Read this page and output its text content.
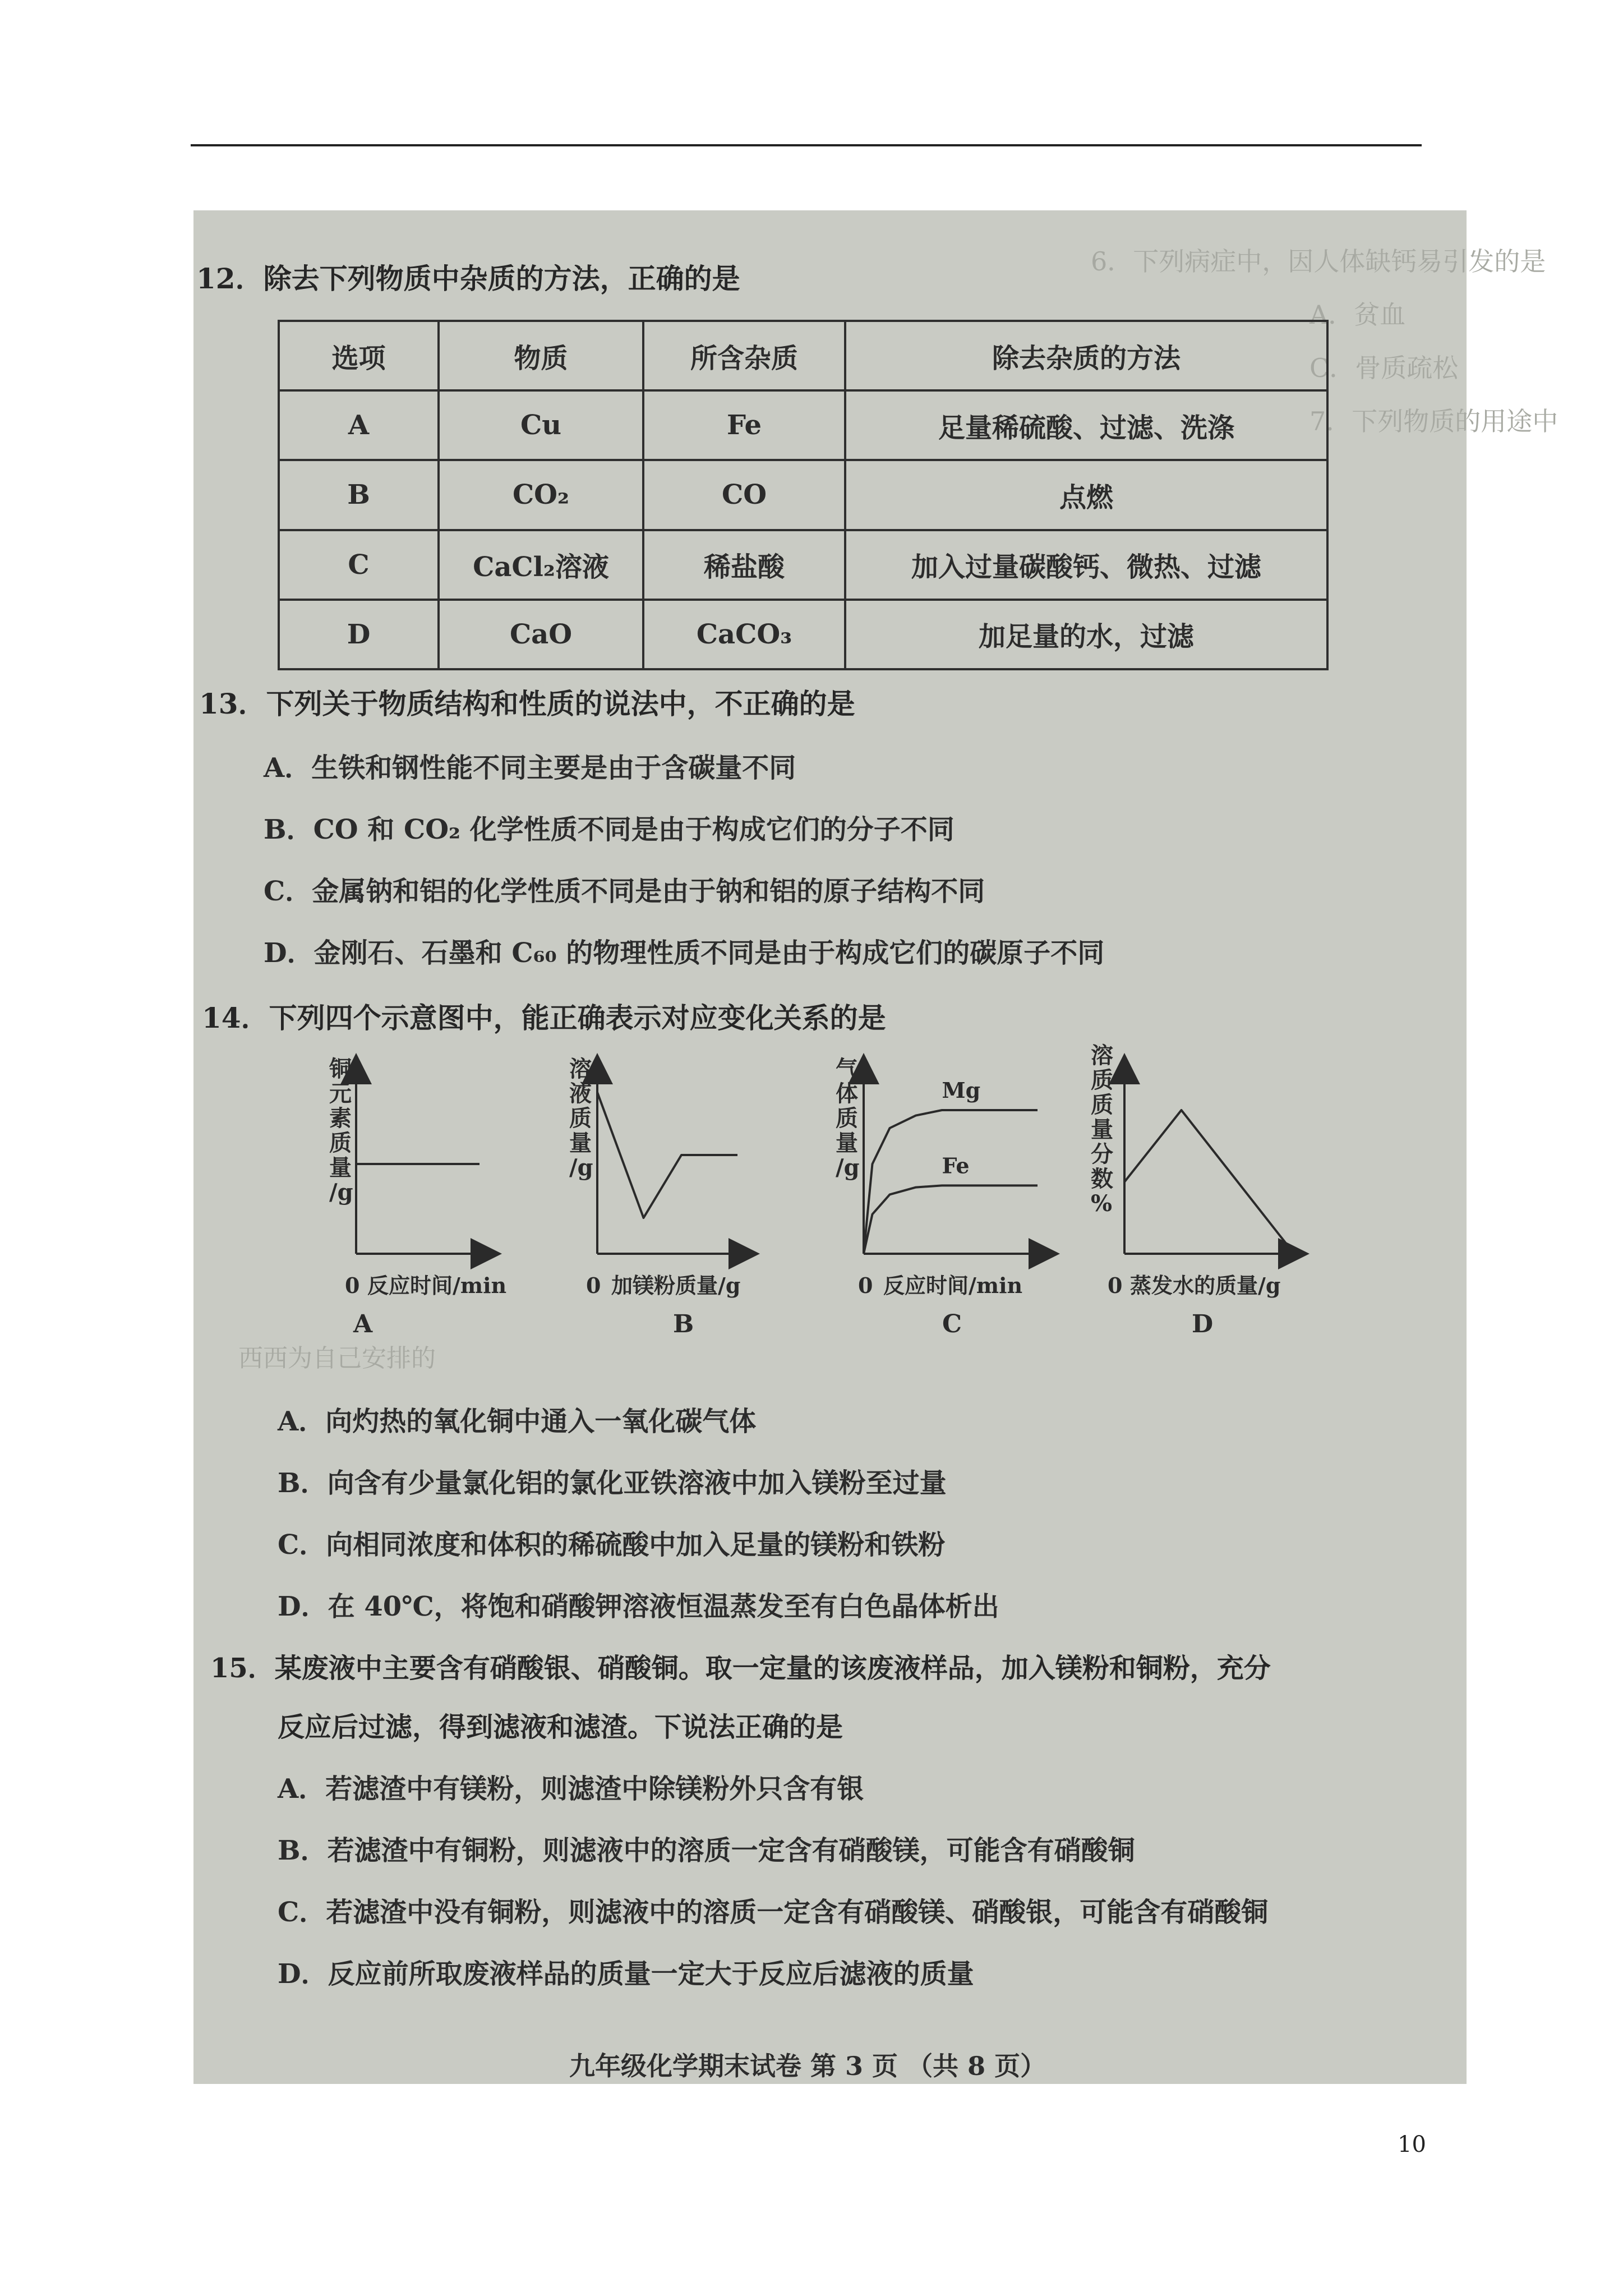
6．下列病症中，因人体缺钙易引发的是
A．贫血
C．骨质疏松
7．下列物质的用途中
西西为自己安排的
12．除去下列物质中杂质的方法，正确的是
选项	物质	所含杂质	除去杂质的方法
A	Cu	Fe	足量稀硫酸、过滤、洗涤
B	CO₂	CO	点燃
C	CaCl₂溶液	稀盐酸	加入过量碳酸钙、微热、过滤
D	CaO	CaCO₃	加足量的水，过滤
13．下列关于物质结构和性质的说法中，不正确的是
A．生铁和钢性能不同主要是由于含碳量不同
B．CO 和 CO₂ 化学性质不同是由于构成它们的分子不同
C．金属钠和铝的化学性质不同是由于钠和铝的原子结构不同
D．金刚石、石墨和 C₆₀ 的物理性质不同是由于构成它们的碳原子不同
14．下列四个示意图中，能正确表示对应变化关系的是
铜元素质量/g
0 反应时间/min
A
溶液质量/g
0 加镁粉质量/g
B
Mg
Fe
气体质量/g
0 反应时间/min
C
溶质质量分数%
0 蒸发水的质量/g
D
A．向灼热的氧化铜中通入一氧化碳气体
B．向含有少量氯化铝的氯化亚铁溶液中加入镁粉至过量
C．向相同浓度和体积的稀硫酸中加入足量的镁粉和铁粉
D．在 40℃，将饱和硝酸钾溶液恒温蒸发至有白色晶体析出
15．某废液中主要含有硝酸银、硝酸铜。取一定量的该废液样品，加入镁粉和铜粉，充分
反应后过滤，得到滤液和滤渣。下说法正确的是
A．若滤渣中有镁粉，则滤渣中除镁粉外只含有银
B．若滤渣中有铜粉，则滤液中的溶质一定含有硝酸镁，可能含有硝酸铜
C．若滤渣中没有铜粉，则滤液中的溶质一定含有硝酸镁、硝酸银，可能含有硝酸铜
D．反应前所取废液样品的质量一定大于反应后滤液的质量
九年级化学期末试卷 第 3 页 （共 8 页）
10
